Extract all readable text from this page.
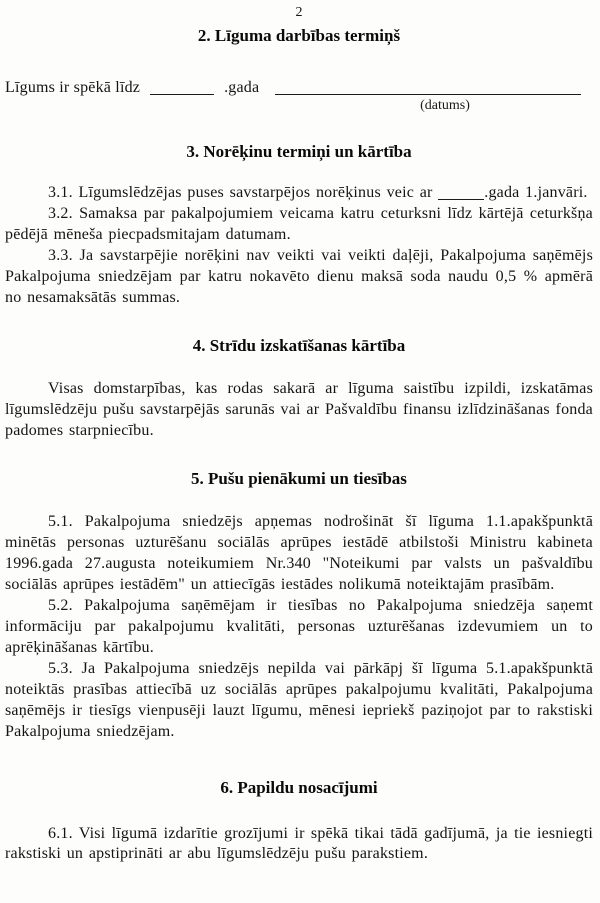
2
2. Līguma darbības termiņš
Līgums ir spēkā līdz	.gada
(datums)
3. Norēķinu termiņi un kārtība

3.1. Līgumslēdzējas puses savstarpējos norēķinus veic ar	.gada 1.janvāri.

3.2. Samaksa par pakalpojumiem veicama katru ceturksni līdz kārtējā ceturkšņa pēdējā mēneša piecpadsmitajam datumam.

3.3. Ja savstarpējie norēķini nav veikti vai veikti daļēji, Pakalpojuma saņēmējs Pakalpojuma sniedzējam par katru nokavēto dienu maksā soda naudu 0,5 % apmērā no nesamaksātās summas.

4. Strīdu izskatīšanas kārtība

Visas domstarpības, kas rodas sakarā ar līguma saistību izpildi, izskatāmas līgumslēdzēju pušu savstarpējās sarunās vai ar Pašvaldību finansu izlīdzināšanas fonda padomes starpniecību.

5. Pušu pienākumi un tiesības

5.1. Pakalpojuma sniedzējs apņemas nodrošināt šī līguma 1.1.apakšpunktā minētās personas uzturēšanu sociālās aprūpes iestādē atbilstoši Ministru kabineta 1996.gada 27.augusta noteikumiem Nr.340 "Noteikumi par valsts un pašvaldību sociālās aprūpes iestādēm" un attiecīgās iestādes nolikumā noteiktajām prasībām.

5.2. Pakalpojuma saņēmējam ir tiesības no Pakalpojuma sniedzēja saņemt informāciju par pakalpojumu kvalitāti, personas uzturēšanas izdevumiem un to aprēķināšanas kārtību.

5.3. Ja Pakalpojuma sniedzējs nepilda vai pārkāpj šī līguma 5.1.apakšpunktā noteiktās prasības attiecībā uz sociālās aprūpes pakalpojumu kvalitāti, Pakalpojuma saņēmējs ir tiesīgs vienpusēji lauzt līgumu, mēnesi iepriekš paziņojot par to rakstiski Pakalpojuma sniedzējam.

6. Papildu nosacījumi

6.1. Visi līgumā izdarītie grozījumi ir spēkā tikai tādā gadījumā, ja tie iesniegti rakstiski un apstiprināti ar abu līgumslēdzēju pušu parakstiem.
